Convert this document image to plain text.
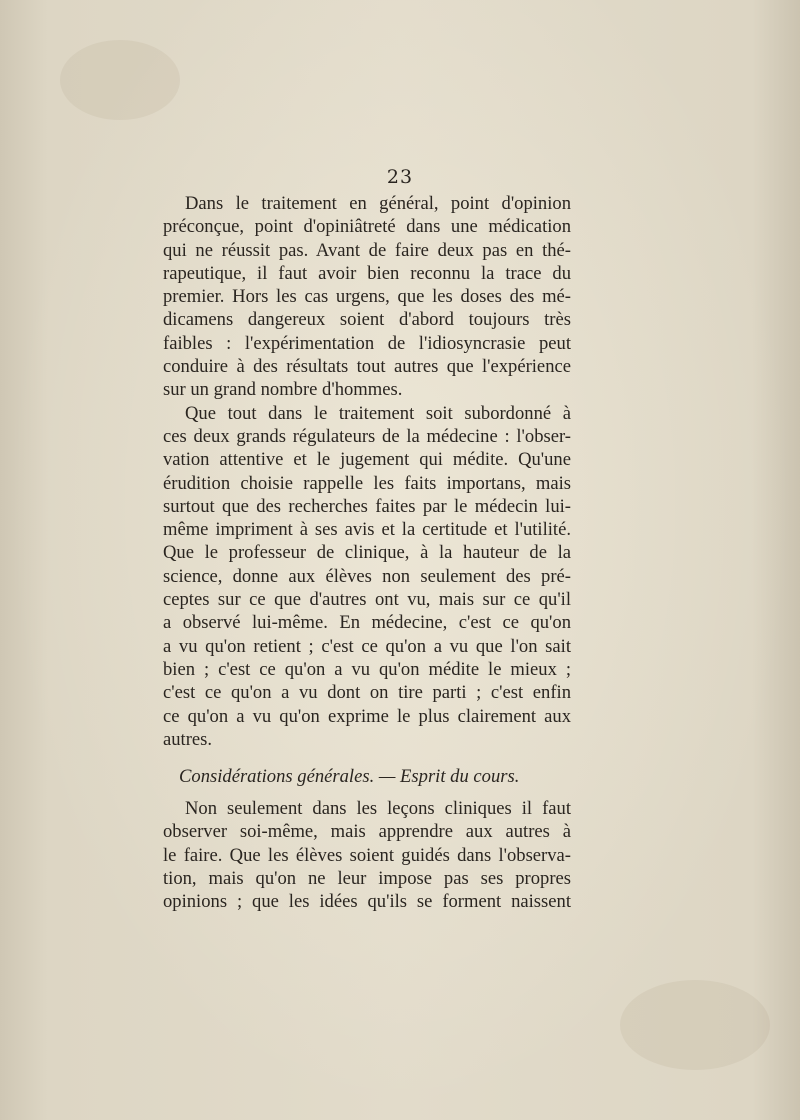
23
Dans le traitement en général, point d'opinion
préconçue, point d'opiniâtreté dans une médication
qui ne réussit pas. Avant de faire deux pas en thé-
rapeutique, il faut avoir bien reconnu la trace du
premier. Hors les cas urgens, que les doses des mé-
dicamens dangereux soient d'abord toujours très
faibles : l'expérimentation de l'idiosyncrasie peut
conduire à des résultats tout autres que l'expérience
sur un grand nombre d'hommes.
Que tout dans le traitement soit subordonné à
ces deux grands régulateurs de la médecine : l'obser-
vation attentive et le jugement qui médite. Qu'une
érudition choisie rappelle les faits importans, mais
surtout que des recherches faites par le médecin lui-
même impriment à ses avis et la certitude et l'utilité.
Que le professeur de clinique, à la hauteur de la
science, donne aux élèves non seulement des pré-
ceptes sur ce que d'autres ont vu, mais sur ce qu'il
a observé lui-même. En médecine, c'est ce qu'on
a vu qu'on retient ; c'est ce qu'on a vu que l'on sait
bien ; c'est ce qu'on a vu qu'on médite le mieux ;
c'est ce qu'on a vu dont on tire parti ; c'est enfin
ce qu'on a vu qu'on exprime le plus clairement aux
autres.
Considérations générales. — Esprit du cours.
Non seulement dans les leçons cliniques il faut
observer soi-même, mais apprendre aux autres à
le faire. Que les élèves soient guidés dans l'observa-
tion, mais qu'on ne leur impose pas ses propres
opinions ; que les idées qu'ils se forment naissent
